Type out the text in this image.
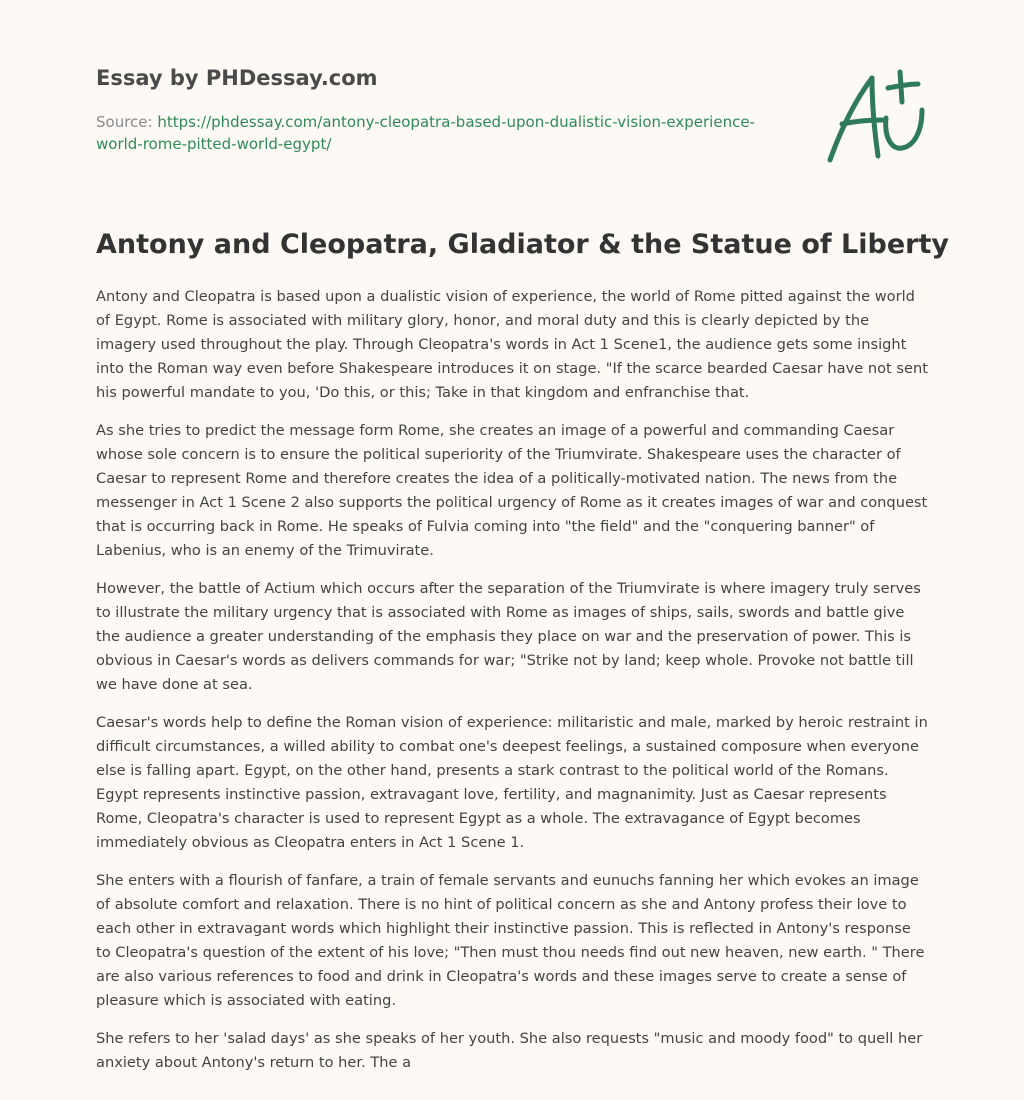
Essay by PHDessay.com
Source: https://phdessay.com/antony-cleopatra-based-upon-dualistic-vision-experience-world-rome-pitted-world-egypt/
Antony and Cleopatra, Gladiator & the Statue of Liberty

Antony and Cleopatra is based upon a dualistic vision of experience, the world of Rome pitted against the world of Egypt. Rome is associated with military glory, honor, and moral duty and this is clearly depicted by the imagery used throughout the play. Through Cleopatra's words in Act 1 Scene1, the audience gets some insight into the Roman way even before Shakespeare introduces it on stage. "If the scarce bearded Caesar have not sent his powerful mandate to you, 'Do this, or this; Take in that kingdom and enfranchise that.

As she tries to predict the message form Rome, she creates an image of a powerful and commanding Caesar whose sole concern is to ensure the political superiority of the Triumvirate. Shakespeare uses the character of Caesar to represent Rome and therefore creates the idea of a politically-motivated nation. The news from the messenger in Act 1 Scene 2 also supports the political urgency of Rome as it creates images of war and conquest that is occurring back in Rome. He speaks of Fulvia coming into "the field" and the "conquering banner" of Labenius, who is an enemy of the Trimuvirate.

However, the battle of Actium which occurs after the separation of the Triumvirate is where imagery truly serves to illustrate the military urgency that is associated with Rome as images of ships, sails, swords and battle give the audience a greater understanding of the emphasis they place on war and the preservation of power. This is obvious in Caesar's words as delivers commands for war; "Strike not by land; keep whole. Provoke not battle till we have done at sea.

Caesar's words help to define the Roman vision of experience: militaristic and male, marked by heroic restraint in difficult circumstances, a willed ability to combat one's deepest feelings, a sustained composure when everyone else is falling apart. Egypt, on the other hand, presents a stark contrast to the political world of the Romans. Egypt represents instinctive passion, extravagant love, fertility, and magnanimity. Just as Caesar represents Rome, Cleopatra's character is used to represent Egypt as a whole. The extravagance of Egypt becomes immediately obvious as Cleopatra enters in Act 1 Scene 1.

She enters with a flourish of fanfare, a train of female servants and eunuchs fanning her which evokes an image of absolute comfort and relaxation. There is no hint of political concern as she and Antony profess their love to each other in extravagant words which highlight their instinctive passion. This is reflected in Antony's response to Cleopatra's question of the extent of his love; "Then must thou needs find out new heaven, new earth. " There are also various references to food and drink in Cleopatra's words and these images serve to create a sense of pleasure which is associated with eating.

She refers to her 'salad days' as she speaks of her youth. She also requests "music and moody food" to quell her anxiety about Antony's return to her. The a
